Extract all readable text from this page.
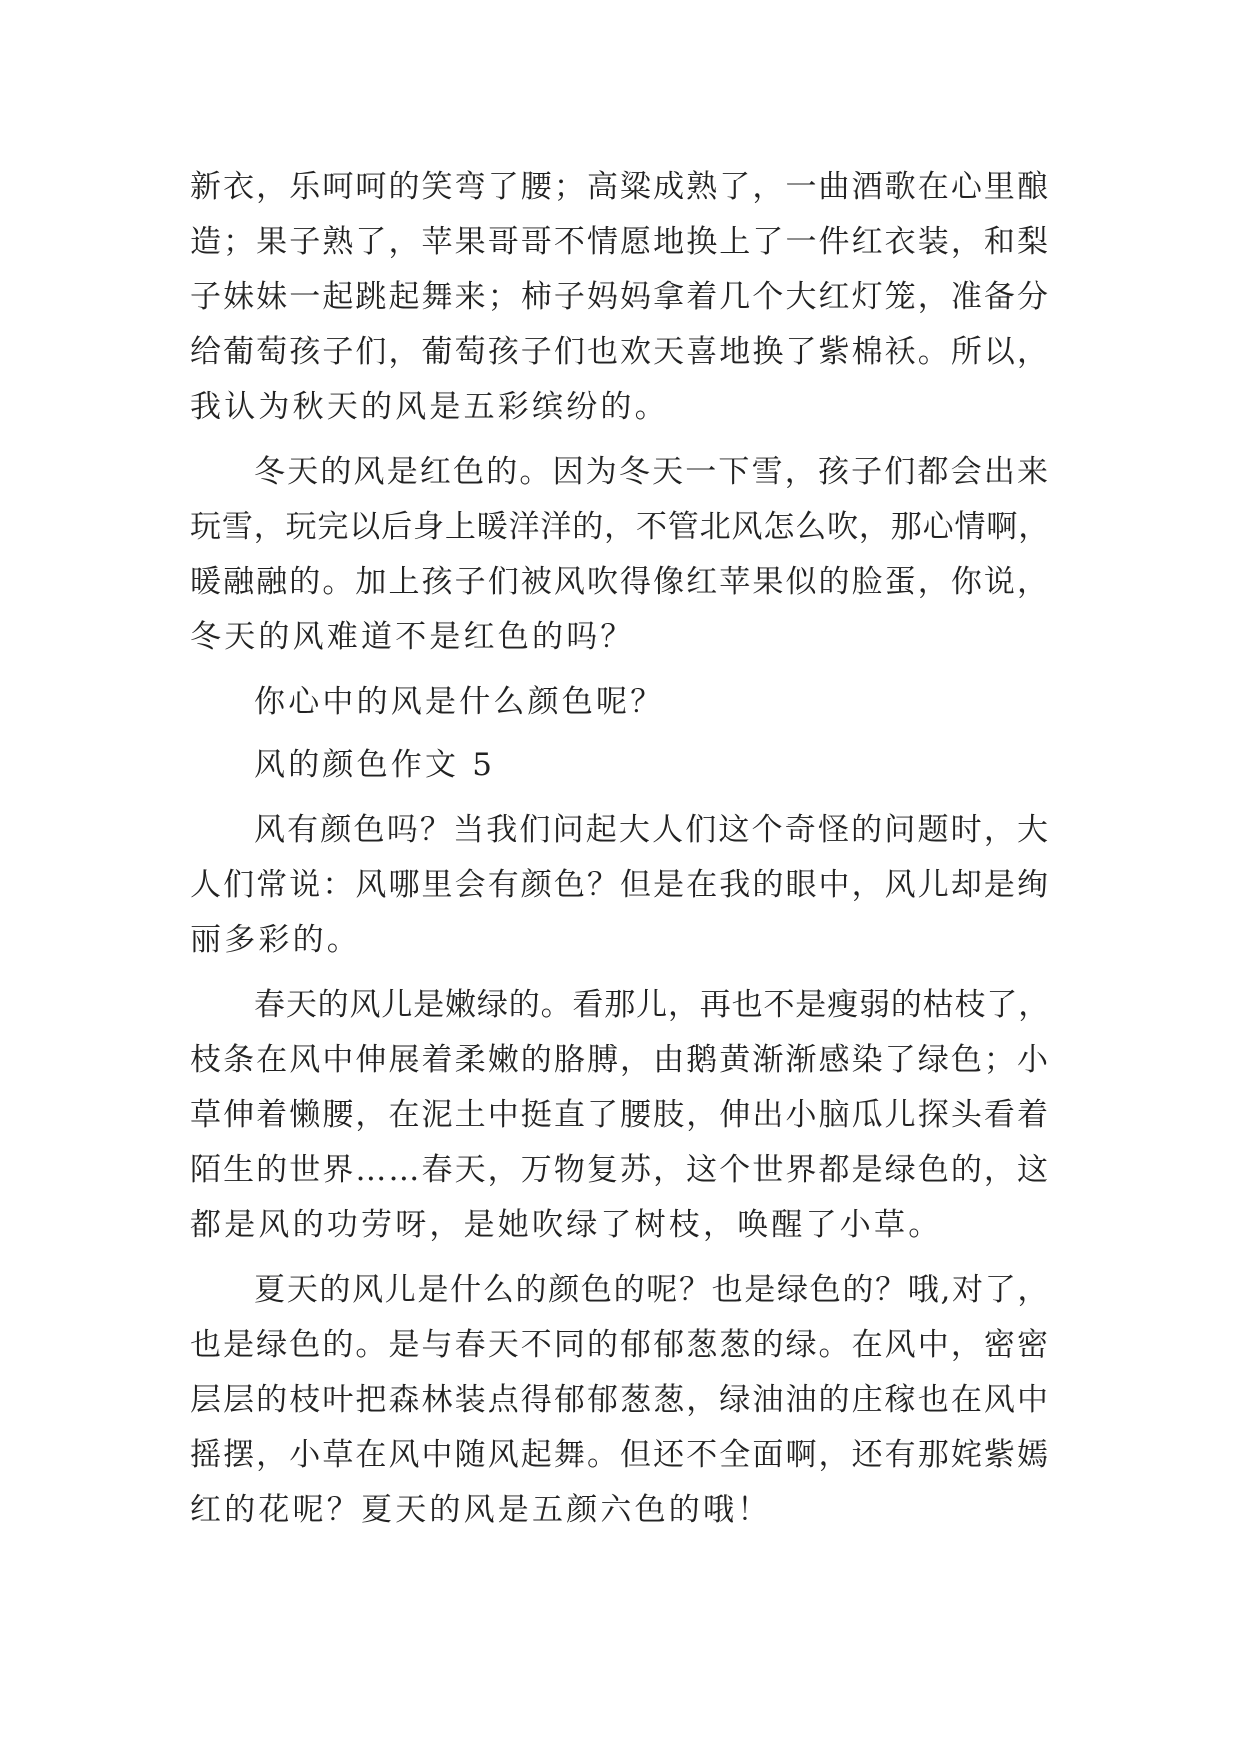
新衣，乐呵呵的笑弯了腰；高粱成熟了，一曲酒歌在心里酿
造；果子熟了，苹果哥哥不情愿地换上了一件红衣装，和梨
子妹妹一起跳起舞来；柿子妈妈拿着几个大红灯笼，准备分
给葡萄孩子们，葡萄孩子们也欢天喜地换了紫棉袄。所以，
我认为秋天的风是五彩缤纷的。
冬天的风是红色的。因为冬天一下雪，孩子们都会出来
玩雪，玩完以后身上暖洋洋的，不管北风怎么吹，那心情啊，
暖融融的。加上孩子们被风吹得像红苹果似的脸蛋，你说，
冬天的风难道不是红色的吗？
你心中的风是什么颜色呢？
风的颜色作文 5
风有颜色吗？当我们问起大人们这个奇怪的问题时，大
人们常说：风哪里会有颜色？但是在我的眼中，风儿却是绚
丽多彩的。
春天的风儿是嫩绿的。看那儿，再也不是瘦弱的枯枝了，
枝条在风中伸展着柔嫩的胳膊，由鹅黄渐渐感染了绿色；小
草伸着懒腰，在泥土中挺直了腰肢，伸出小脑瓜儿探头看着
陌生的世界……春天，万物复苏，这个世界都是绿色的，这
都是风的功劳呀，是她吹绿了树枝，唤醒了小草。
夏天的风儿是什么的颜色的呢？也是绿色的？哦,对了，
也是绿色的。是与春天不同的郁郁葱葱的绿。在风中，密密
层层的枝叶把森林装点得郁郁葱葱，绿油油的庄稼也在风中
摇摆，小草在风中随风起舞。但还不全面啊，还有那姹紫嫣
红的花呢？夏天的风是五颜六色的哦！
